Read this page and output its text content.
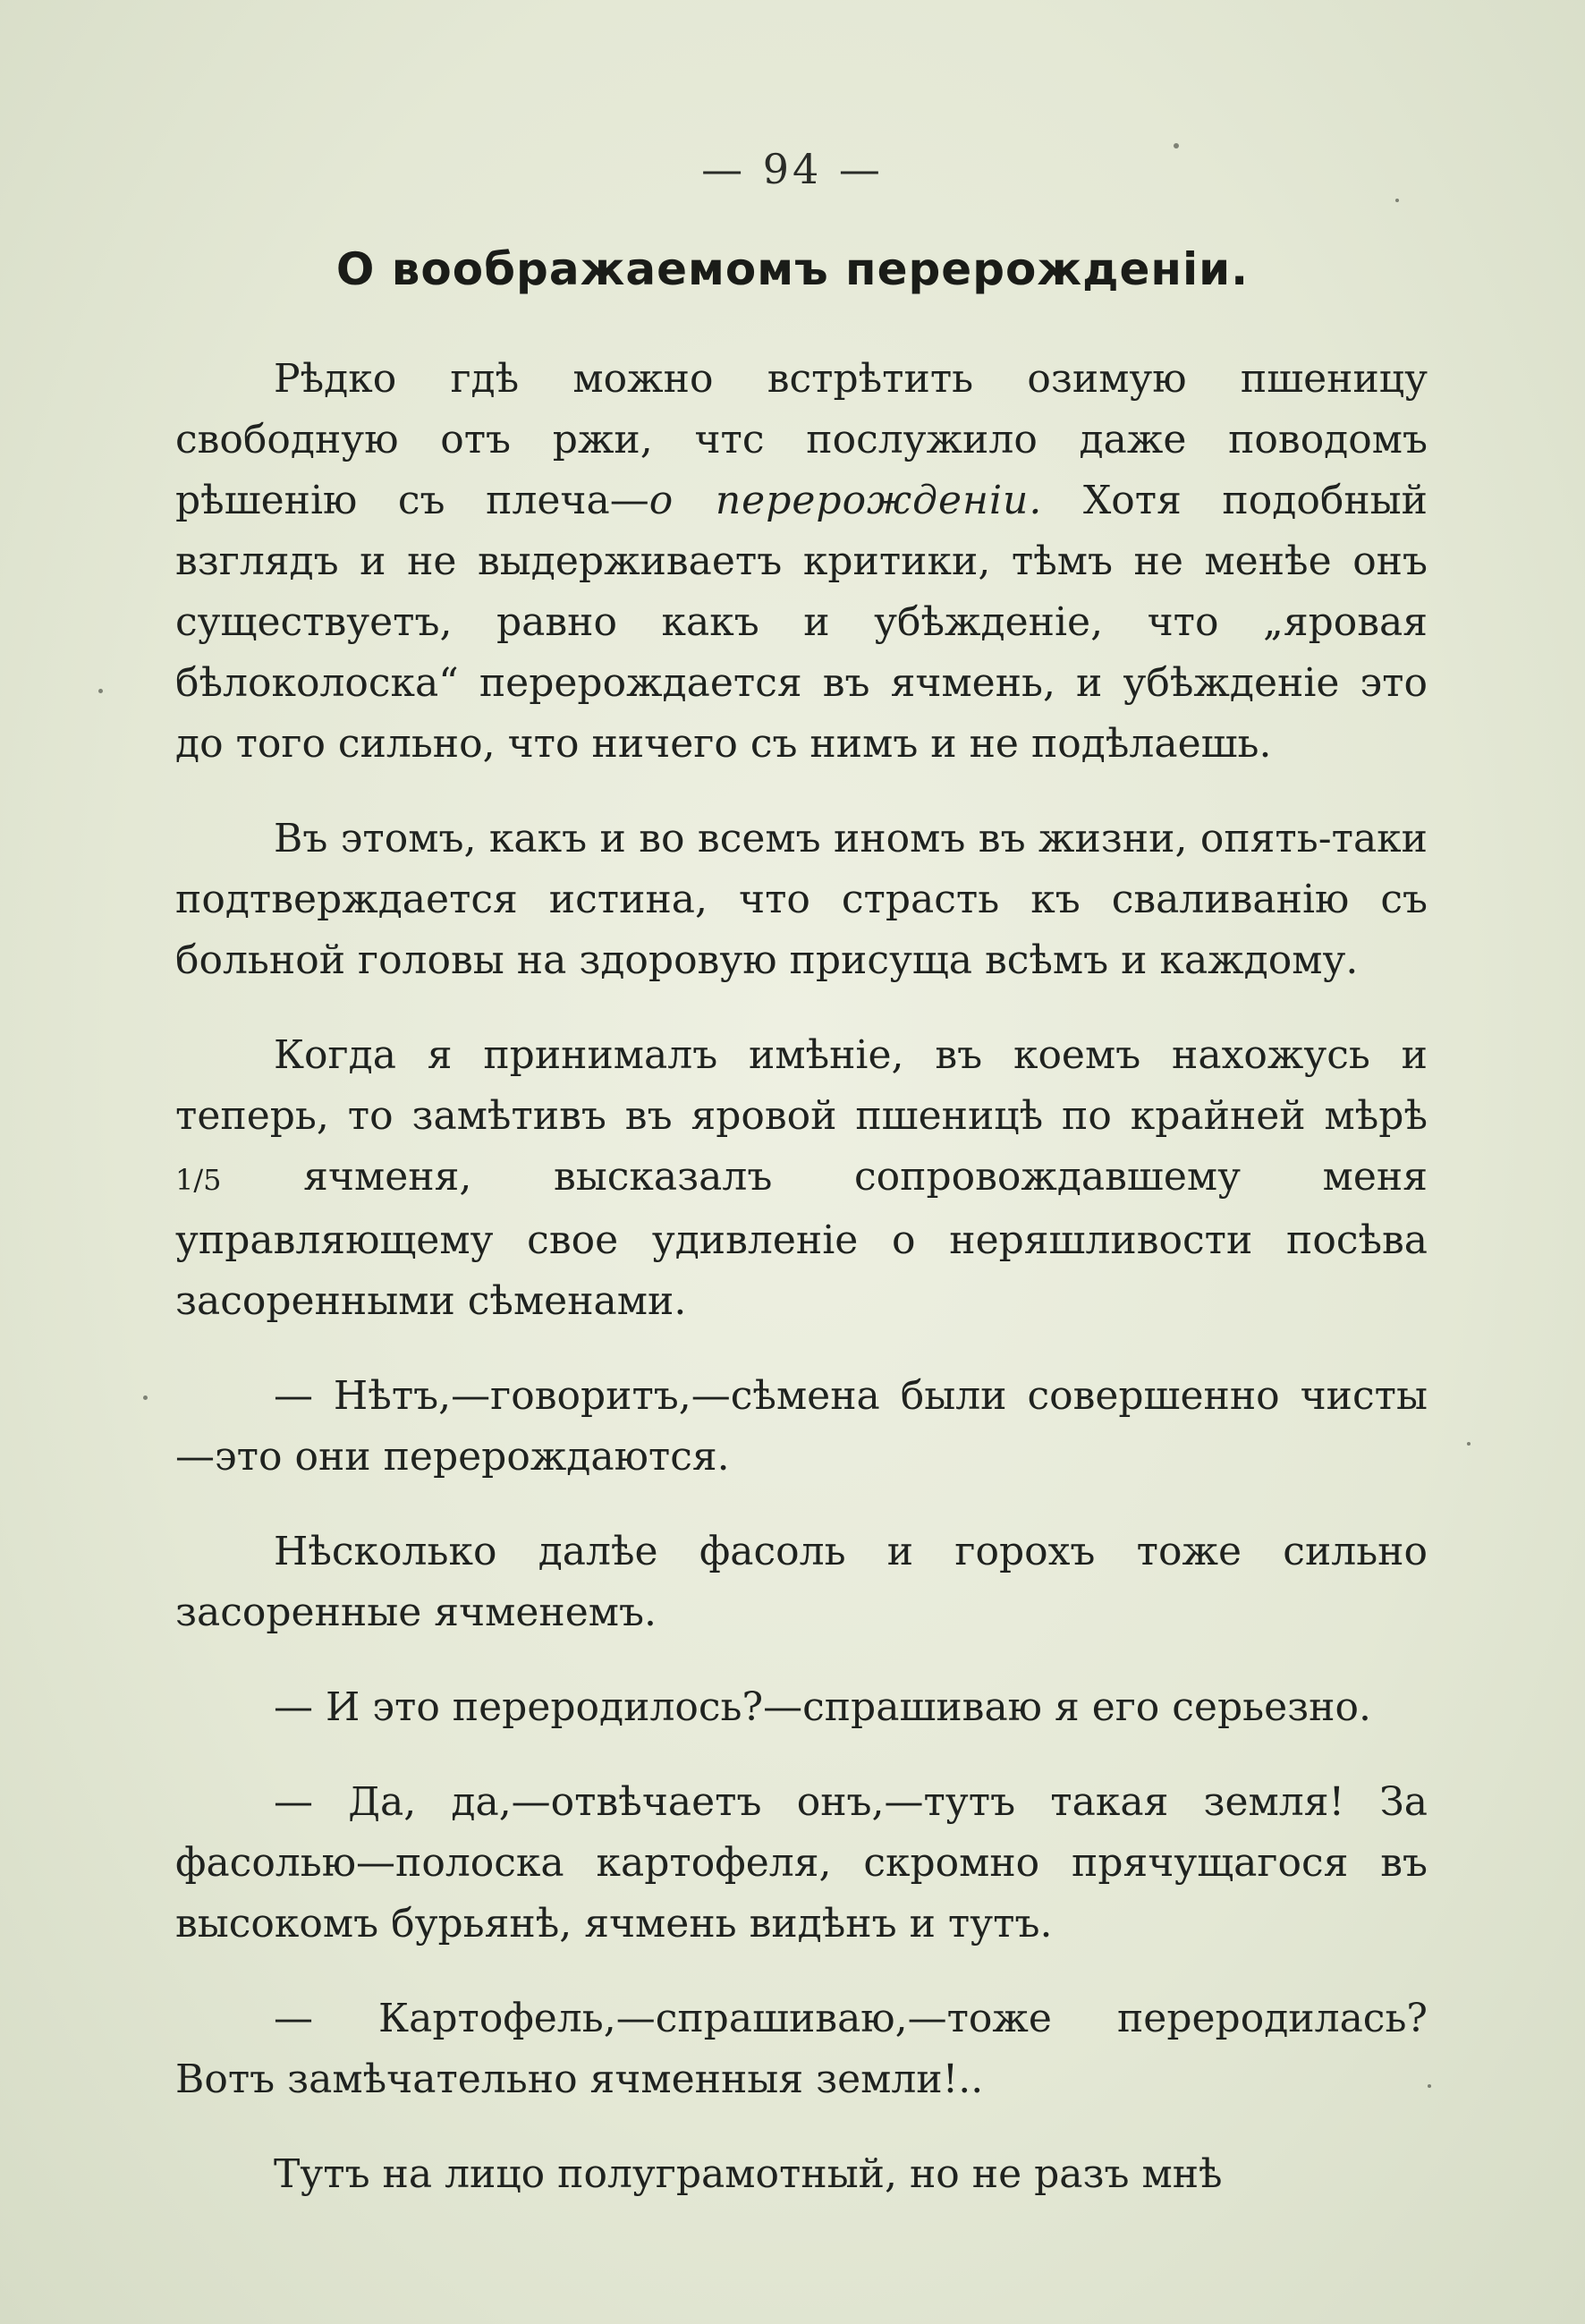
— 94 —
О воображаемомъ перерожденіи.

Рѣдко гдѣ можно встрѣтить озимую пшеницу свободную отъ ржи, чтс послужило даже поводомъ рѣшенію съ плеча—о перерожденіи. Хотя подобный взглядъ и не выдерживаетъ критики, тѣмъ не менѣе онъ существуетъ, равно какъ и убѣжденіе, что „яровая бѣлоколоска“ перерождается въ ячмень, и убѣжденіе это до того сильно, что ничего съ нимъ и не подѣлаешь.

Въ этомъ, какъ и во всемъ иномъ въ жизни, опять-таки подтверждается истина, что страсть къ сваливанію съ больной головы на здоровую присуща всѣмъ и каждому.

Когда я принималъ имѣніе, въ коемъ нахожусь и теперь, то замѣтивъ въ яровой пшеницѣ по крайней мѣрѣ 1/5 ячменя, высказалъ сопровождавшему меня управляющему свое удивленіе о неряшливости посѣва засоренными сѣменами.

— Нѣтъ,—говоритъ,—сѣмена были совершенно чисты—это они перерождаются.

Нѣсколько далѣе фасоль и горохъ тоже сильно засоренные ячменемъ.

— И это переродилось?—спрашиваю я его серьезно.

— Да, да,—отвѣчаетъ онъ,—тутъ такая земля! За фасолью—полоска картофеля, скромно прячущагося въ высокомъ бурьянѣ, ячмень видѣнъ и тутъ.

— Картофель,—спрашиваю,—тоже переродилась? Вотъ замѣчательно ячменныя земли!..

Тутъ на лицо полуграмотный, но не разъ мнѣ
